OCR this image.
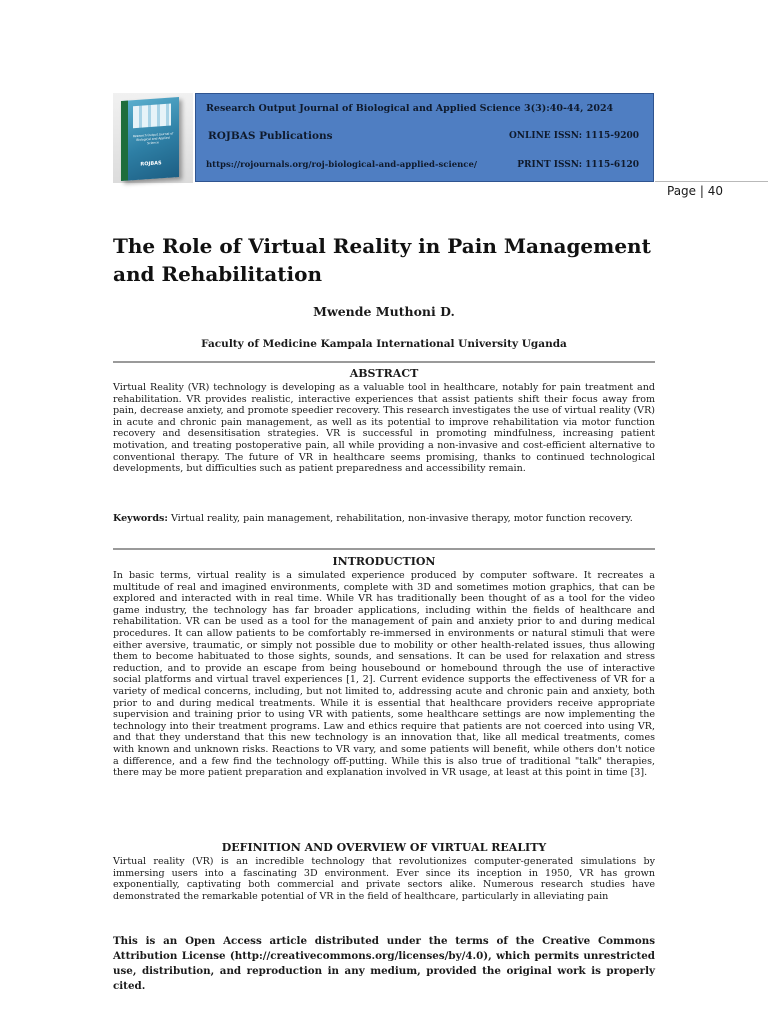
Research Output Journal of Biological and Applied Science
ROJBAS
Research Output Journal of Biological and Applied Science 3(3):40-44, 2024
ROJBAS Publications	ONLINE ISSN: 1115-9200
https://rojournals.org/roj-biological-and-applied-science/	PRINT ISSN: 1115-6120
Page | 40
The Role of Virtual Reality in Pain Management and Rehabilitation
Mwende Muthoni D.
Faculty of Medicine Kampala International University Uganda
ABSTRACT
Virtual Reality (VR) technology is developing as a valuable tool in healthcare, notably for pain treatment and rehabilitation. VR provides realistic, interactive experiences that assist patients shift their focus away from pain, decrease anxiety, and promote speedier recovery. This research investigates the use of virtual reality (VR) in acute and chronic pain management, as well as its potential to improve rehabilitation via motor function recovery and desensitisation strategies. VR is successful in promoting mindfulness, increasing patient motivation, and treating postoperative pain, all while providing a non-invasive and cost-efficient alternative to conventional therapy. The future of VR in healthcare seems promising, thanks to continued technological developments, but difficulties such as patient preparedness and accessibility remain.
Keywords: Virtual reality, pain management, rehabilitation, non-invasive therapy, motor function recovery.
INTRODUCTION
In basic terms, virtual reality is a simulated experience produced by computer software. It recreates a multitude of real and imagined environments, complete with 3D and sometimes motion graphics, that can be explored and interacted with in real time. While VR has traditionally been thought of as a tool for the video game industry, the technology has far broader applications, including within the fields of healthcare and rehabilitation. VR can be used as a tool for the management of pain and anxiety prior to and during medical procedures. It can allow patients to be comfortably re-immersed in environments or natural stimuli that were either aversive, traumatic, or simply not possible due to mobility or other health-related issues, thus allowing them to become habituated to those sights, sounds, and sensations. It can be used for relaxation and stress reduction, and to provide an escape from being housebound or homebound through the use of interactive social platforms and virtual travel experiences [1, 2]. Current evidence supports the effectiveness of VR for a variety of medical concerns, including, but not limited to, addressing acute and chronic pain and anxiety, both prior to and during medical treatments. While it is essential that healthcare providers receive appropriate supervision and training prior to using VR with patients, some healthcare settings are now implementing the technology into their treatment programs. Law and ethics require that patients are not coerced into using VR, and that they understand that this new technology is an innovation that, like all medical treatments, comes with known and unknown risks. Reactions to VR vary, and some patients will benefit, while others don't notice a difference, and a few find the technology off-putting. While this is also true of traditional "talk" therapies, there may be more patient preparation and explanation involved in VR usage, at least at this point in time [3].
DEFINITION AND OVERVIEW OF VIRTUAL REALITY
Virtual reality (VR) is an incredible technology that revolutionizes computer-generated simulations by immersing users into a fascinating 3D environment. Ever since its inception in 1950, VR has grown exponentially, captivating both commercial and private sectors alike. Numerous research studies have demonstrated the remarkable potential of VR in the field of healthcare, particularly in alleviating pain
This is an Open Access article distributed under the terms of the Creative Commons Attribution License (http://creativecommons.org/licenses/by/4.0), which permits unrestricted use, distribution, and reproduction in any medium, provided the original work is properly cited.
